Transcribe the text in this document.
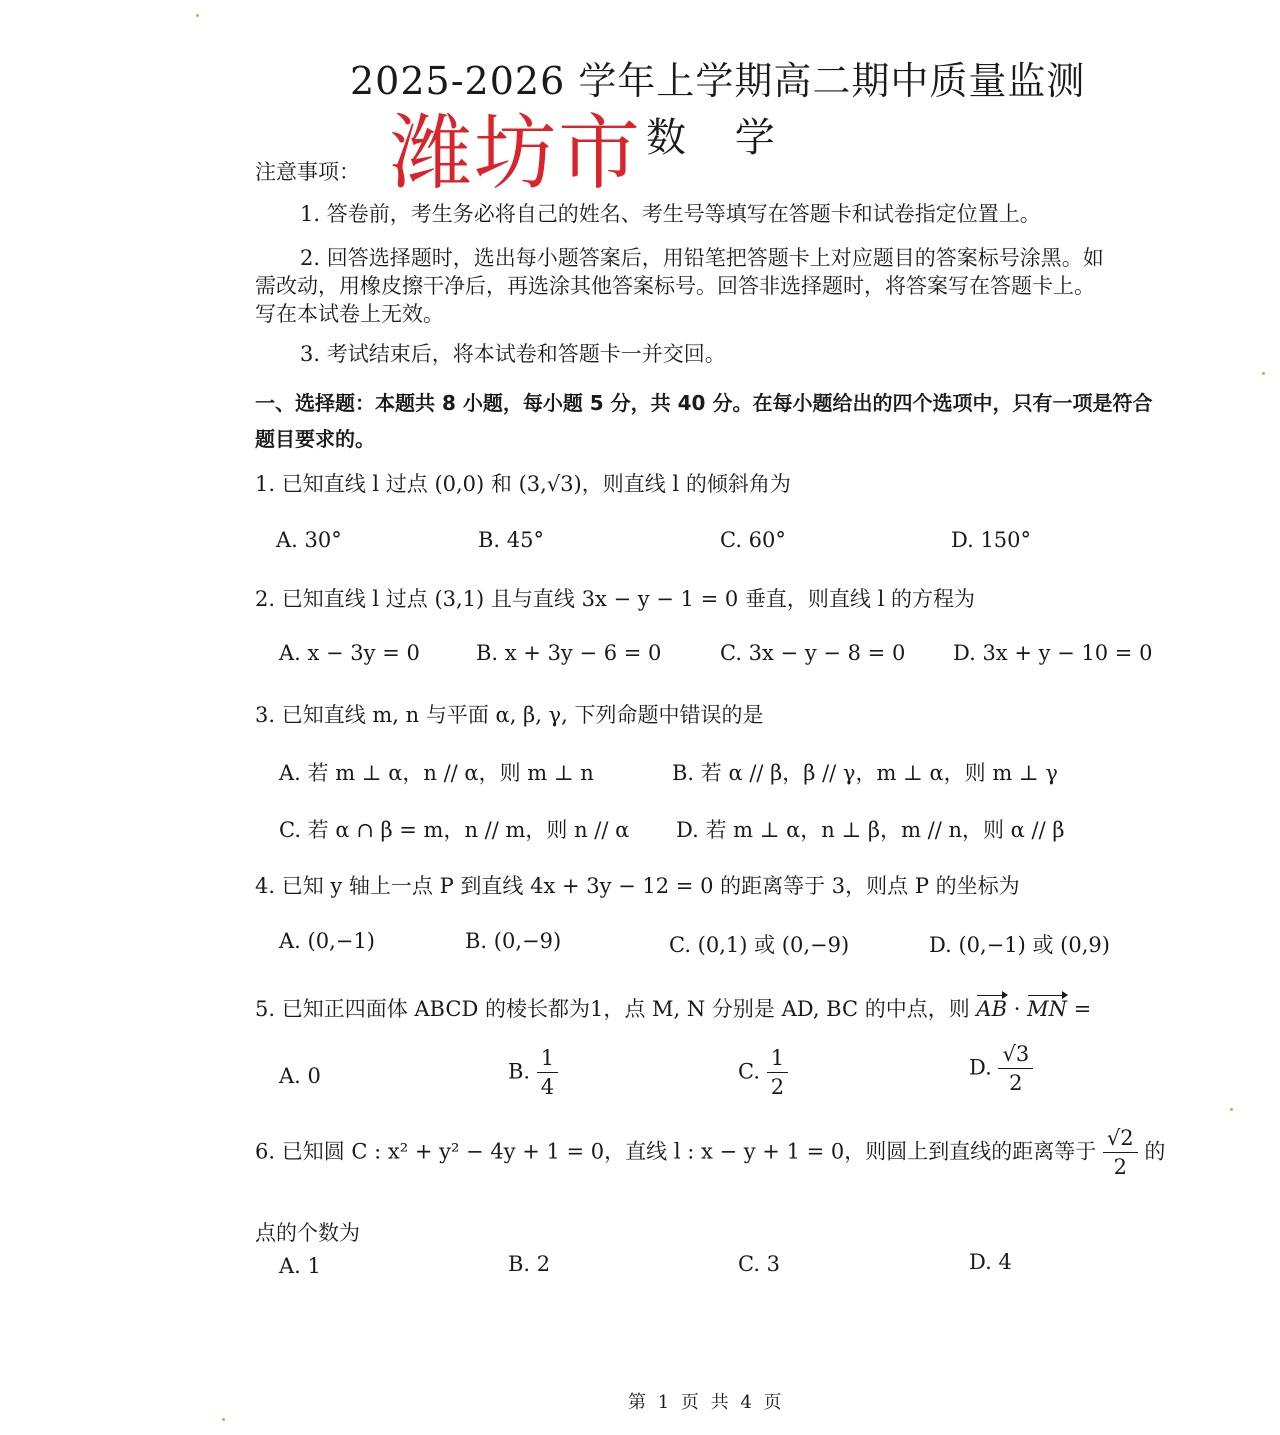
2025-2026 学年上学期高二期中质量监测
潍坊市 数 学
注意事项：
1. 答卷前，考生务必将自己的姓名、考生号等填写在答题卡和试卷指定位置上。
2. 回答选择题时，选出每小题答案后，用铅笔把答题卡上对应题目的答案标号涂黑。如需改动，用橡皮擦干净后，再选涂其他答案标号。回答非选择题时，将答案写在答题卡上。写在本试卷上无效。
3. 考试结束后，将本试卷和答题卡一并交回。
一、选择题：本题共 8 小题，每小题 5 分，共 40 分。在每小题给出的四个选项中，只有一项是符合题目要求的。
1. 已知直线 l 过点 (0,0) 和 (3,√3)，则直线 l 的倾斜角为
A. 30°	B. 45°	C. 60°	D. 150°
2. 已知直线 l 过点 (3,1) 且与直线 3x − y − 1 = 0 垂直，则直线 l 的方程为
A. x − 3y = 0	B. x + 3y − 6 = 0	C. 3x − y − 8 = 0 D. 3x + y − 10 = 0
3. 已知直线 m, n 与平面 α, β, γ, 下列命题中错误的是
A. 若 m ⊥ α，n // α，则 m ⊥ n	B. 若 α // β，β // γ，m ⊥ α，则 m ⊥ γ
C. 若 α ∩ β = m，n // m，则 n // α D. 若 m ⊥ α，n ⊥ β，m // n，则 α // β
4. 已知 y 轴上一点 P 到直线 4x + 3y − 12 = 0 的距离等于 3，则点 P 的坐标为
A. (0,−1)	B. (0,−9)	C. (0,1) 或 (0,−9)	D. (0,−1) 或 (0,9)
5. 已知正四面体 ABCD 的棱长都为1，点 M, N 分别是 AD, BC 的中点，则 AB · MN =
A. 0	B. $\frac{1}{4}$	C. $\frac{1}{2}$	D. $\frac{√3}{2}$
6. 已知圆 C : x² + y² − 4y + 1 = 0，直线 l : x − y + 1 = 0，则圆上到直线的距离等于 $\frac{√2}{2}$ 的
点的个数为
A. 1	B. 2	C. 3	D. 4
第 1 页 共 4 页
